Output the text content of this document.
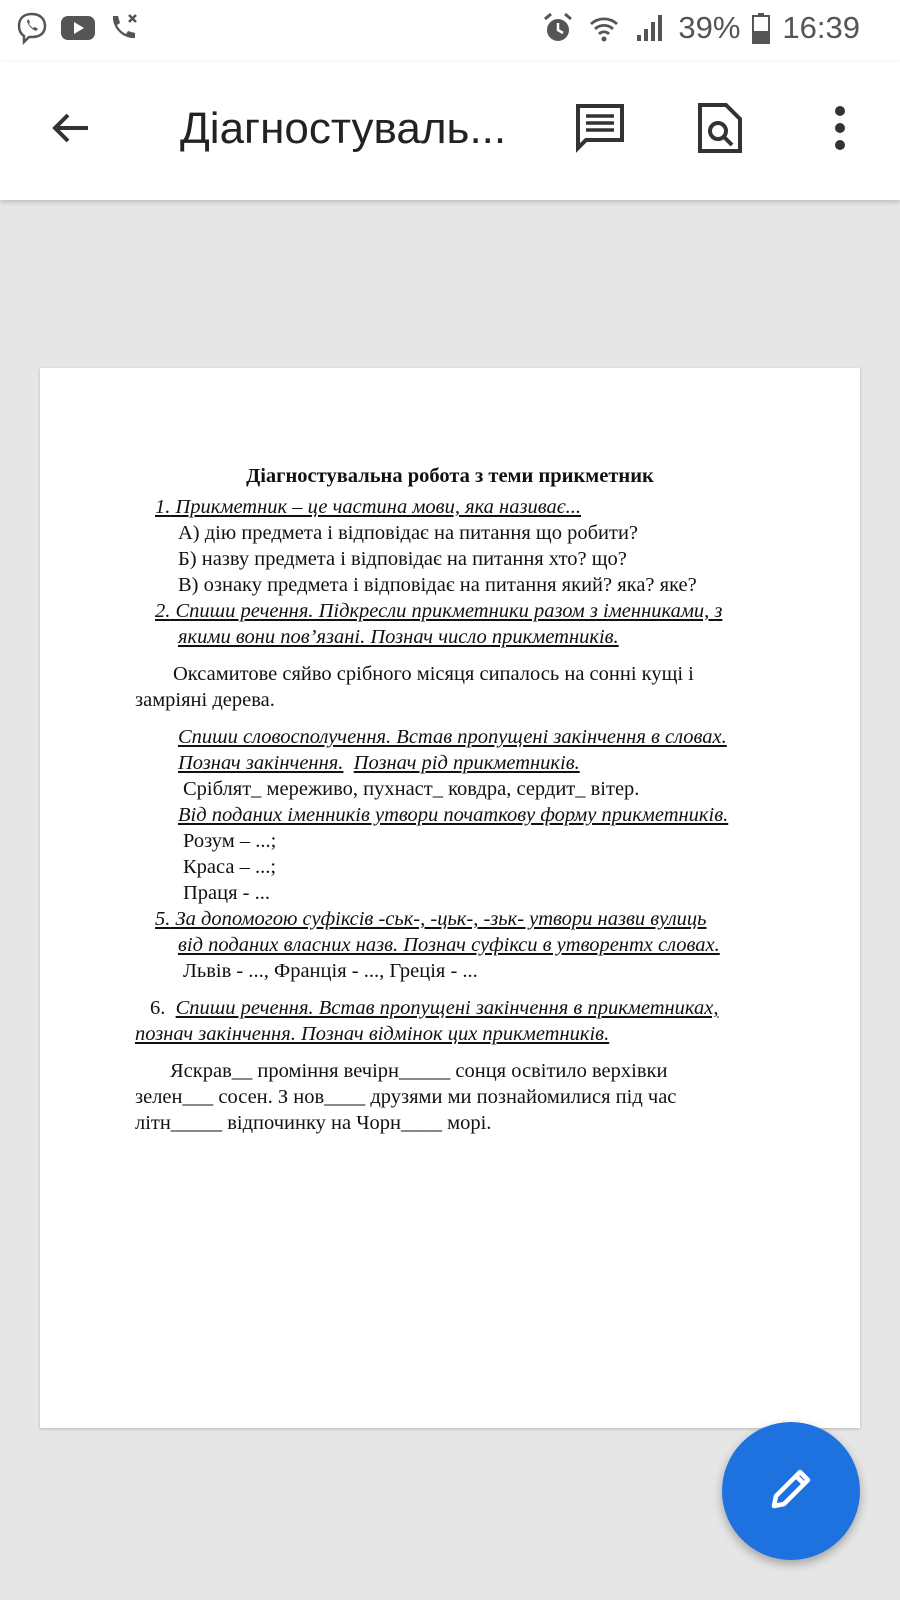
39% 16:39
Діагностуваль...
Діагностувальна робота з теми прикметник
1. Прикметник – це частина мови, яка називає...
А) дію предмета і відповідає на питання що робити?
Б) назву предмета і відповідає на питання хто? що?
В) ознаку предмета і відповідає на питання який? яка? яке?
2. Спиши речення. Підкресли прикметники разом з іменниками, з
якими вони пов’язані. Познач число прикметників.
Оксамитове сяйво срібного місяця сипалось на сонні кущі і
замріяні дерева.
Спиши словосполучення. Встав пропущені закінчення в словах.
Познач закінчення. Познач рід прикметників.
Сріблят_ мереживо, пухнаст_ ковдра, сердит_ вітер.
Від поданих іменників утвори початкову форму прикметників.
Розум – ...;
Краса – ...;
Праця - ...
5. За допомогою суфіксів -ськ-, -цьк-, -зьк- утвори назви вулиць
від поданих власних назв. Познач суфікси в утворентх словах.
Львів - ..., Франція - ..., Греція - ...
6. Спиши речення. Встав пропущені закінчення в прикметниках,
познач закінчення. Познач відмінок цих прикметників.
Яскрав__ проміння вечірн_____ сонця освітило верхівки
зелен___ сосен. З нов____ друзями ми познайомилися під час
літн_____ відпочинку на Чорн____ морі.
